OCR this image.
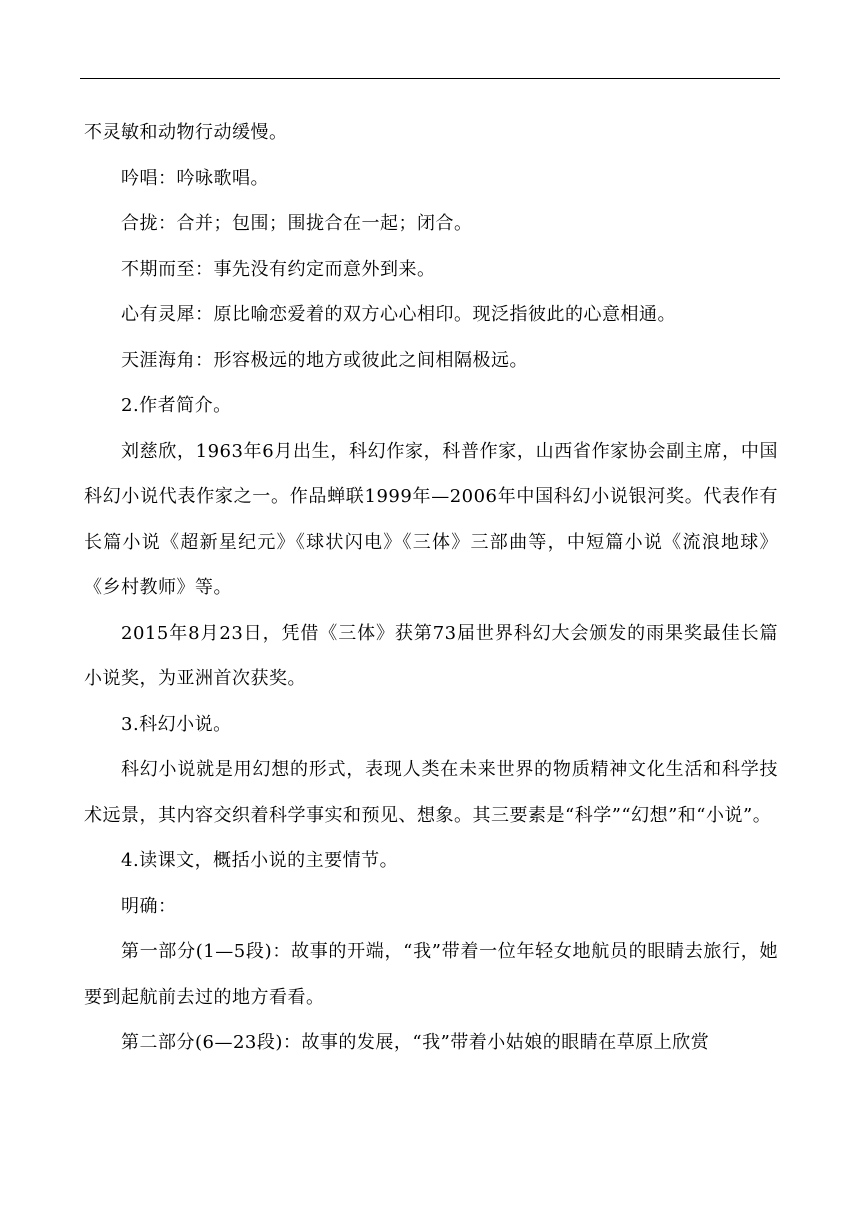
不灵敏和动物行动缓慢。

吟唱：吟咏歌唱。

合拢：合并；包围；围拢合在一起；闭合。

不期而至：事先没有约定而意外到来。

心有灵犀：原比喻恋爱着的双方心心相印。现泛指彼此的心意相通。

天涯海角：形容极远的地方或彼此之间相隔极远。

2.作者简介。

刘慈欣，1963年6月出生，科幻作家，科普作家，山西省作家协会副主席，中国科幻小说代表作家之一。作品蝉联1999年—2006年中国科幻小说银河奖。代表作有长篇小说《超新星纪元》《球状闪电》《三体》三部曲等，中短篇小说《流浪地球》《乡村教师》等。

2015年8月23日，凭借《三体》获第73届世界科幻大会颁发的雨果奖最佳长篇小说奖，为亚洲首次获奖。

3.科幻小说。

科幻小说就是用幻想的形式，表现人类在未来世界的物质精神文化生活和科学技术远景，其内容交织着科学事实和预见、想象。其三要素是“科学”“幻想”和“小说”。

4.读课文，概括小说的主要情节。

明确：

第一部分(1—5段)：故事的开端，“我”带着一位年轻女地航员的眼睛去旅行，她要到起航前去过的地方看看。

第二部分(6—23段)：故事的发展，“我”带着小姑娘的眼睛在草原上欣赏
